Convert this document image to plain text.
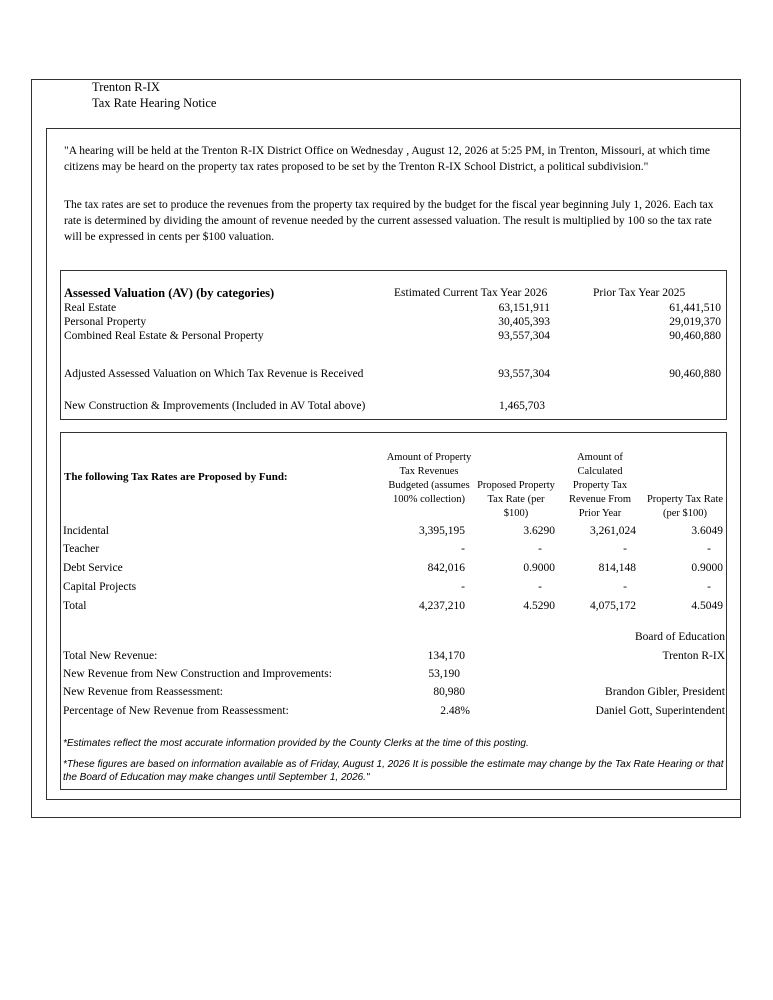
Trenton R-IX
Tax Rate Hearing Notice
"A hearing will be held at the Trenton R-IX District Office on Wednesday , August 12, 2026 at 5:25 PM, in Trenton, Missouri, at which time citizens may be heard on the property tax rates proposed to be set by the Trenton R-IX School District, a political subdivision."
The tax rates are set to produce the revenues from the property tax required by the budget for the fiscal year beginning July 1, 2026. Each tax rate is determined by dividing the amount of revenue needed by the current assessed valuation. The result is multiplied by 100 so the tax rate will be expressed in cents per $100 valuation.
Assessed Valuation (AV) (by categories)	Estimated Current Tax Year 2026	Prior Tax Year 2025
Real Estate	63,151,911	61,441,510
Personal Property	30,405,393	29,019,370
Combined Real Estate & Personal Property	93,557,304	90,460,880
Adjusted Assessed Valuation on Which Tax Revenue is Received	93,557,304	90,460,880
New Construction & Improvements (Included in AV Total above)	1,465,703
The following Tax Rates are Proposed by Fund:
Amount of Property Tax Revenues Budgeted (assumes 100% collection)
Proposed Property Tax Rate (per $100)
Amount of Calculated Property Tax Revenue From Prior Year
Property Tax Rate (per $100)
Incidental	3,395,195	3.6290	3,261,024	3.6049
Teacher	-	-	-	-
Debt Service	842,016	0.9000	814,148	0.9000
Capital Projects	-	-	-	-
Total	4,237,210	4.5290	4,075,172	4.5049
Total New Revenue:	134,170
New Revenue from New Construction and Improvements:	53,190
New Revenue from Reassessment:	80,980
Percentage of New Revenue from Reassessment:	2.48%
Board of Education
Trenton R-IX
Brandon Gibler, President
Daniel Gott, Superintendent
*Estimates reflect the most accurate information provided by the County Clerks at the time of this posting.
*These figures are based on information available as of Friday, August 1, 2026 It is possible the estimate may change by the Tax Rate Hearing or that the Board of Education may make changes until September 1, 2026."
